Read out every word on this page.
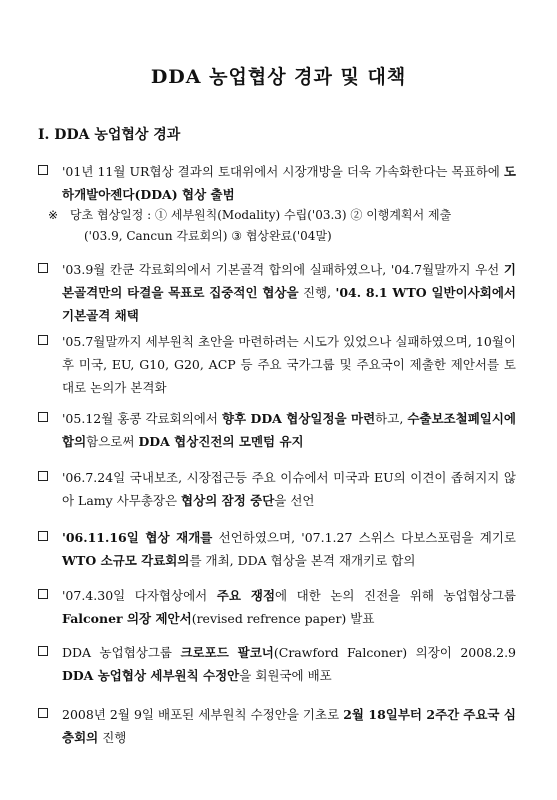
DDA 농업협상 경과 및 대책
Ⅰ. DDA 농업협상 경과
'01년 11월 UR협상 결과의 토대위에서 시장개방을 더욱 가속화한다는 목표하에 도하개발아젠다(DDA) 협상 출범
※ 당초 협상일정 : ① 세부원칙(Modality) 수립('03.3) ② 이행계획서 제출
('03.9, Cancun 각료회의) ③ 협상완료('04말)
'03.9월 칸쿤 각료회의에서 기본골격 합의에 실패하였으나, '04.7월말까지 우선 기본골격만의 타결을 목표로 집중적인 협상을 진행, '04. 8.1 WTO 일반이사회에서 기본골격 채택
'05.7월말까지 세부원칙 초안을 마련하려는 시도가 있었으나 실패하였으며, 10월이후 미국, EU, G10, G20, ACP 등 주요 국가그룹 및 주요국이 제출한 제안서를 토대로 논의가 본격화
'05.12월 홍콩 각료회의에서 향후 DDA 협상일정을 마련하고, 수출보조철폐일시에 합의함으로써 DDA 협상진전의 모멘텀 유지
'06.7.24일 국내보조, 시장접근등 주요 이슈에서 미국과 EU의 이견이 좁혀지지 않아 Lamy 사무총장은 협상의 잠정 중단을 선언
'06.11.16일 협상 재개를 선언하였으며, '07.1.27 스위스 다보스포럼을 계기로 WTO 소규모 각료회의를 개최, DDA 협상을 본격 재개키로 합의
'07.4.30일 다자협상에서 주요 쟁점에 대한 논의 진전을 위해 농업협상그룹 Falconer 의장 제안서(revised refrence paper) 발표
DDA 농업협상그룹 크로포드 팔코너(Crawford Falconer) 의장이 2008.2.9 DDA 농업협상 세부원칙 수정안을 회원국에 배포
2008년 2월 9일 배포된 세부원칙 수정안을 기초로 2월 18일부터 2주간 주요국 심층회의 진행
